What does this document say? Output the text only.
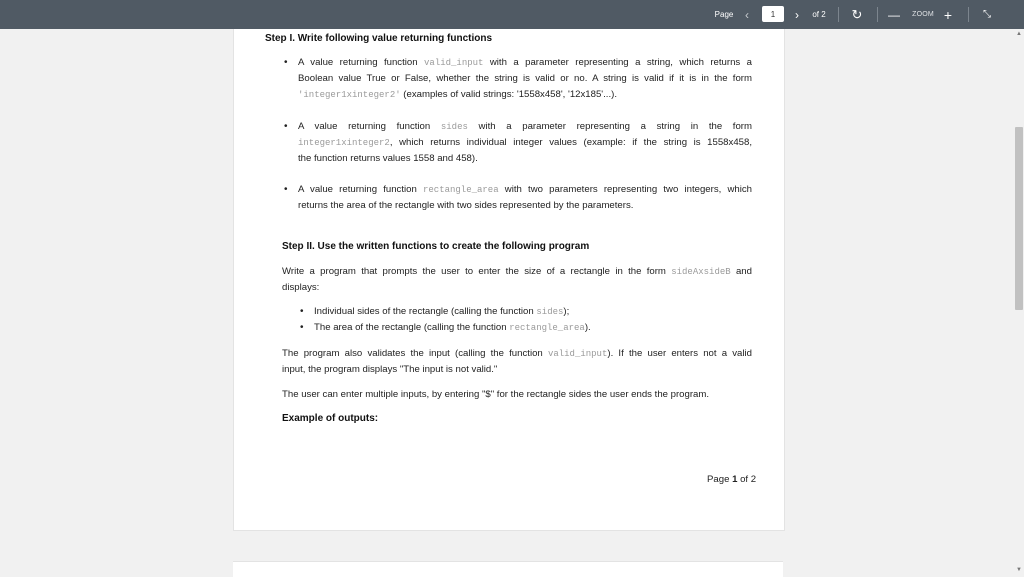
Page ‹	1	›	of 2	↻ —	ZOOM +	⤡
Step I. Write following value returning functions
• A value returning function valid_input with a parameter representing a string, which returns a
Boolean value True or False, whether the string is valid or no. A string is valid if it is in the form
'integer1xinteger2' (examples of valid strings: '1558x458', '12x185'...).
• A value returning function sides with a parameter representing a string in the form
integer1xinteger2, which returns individual integer values (example: if the string is 1558x458,
the function returns values 1558 and 458).
• A value returning function rectangle_area with two parameters representing two integers, which
returns the area of the rectangle with two sides represented by the parameters.
Step II. Use the written functions to create the following program
Write a program that prompts the user to enter the size of a rectangle in the form sideAxsideB and
displays:
• Individual sides of the rectangle (calling the function sides);
• The area of the rectangle (calling the function rectangle_area).
The program also validates the input (calling the function valid_input). If the user enters not a valid
input, the program displays "The input is not valid."
The user can enter multiple inputs, by entering "$" for the rectangle sides the user ends the program.
Example of outputs:
Page 1 of 2
▲
▼
